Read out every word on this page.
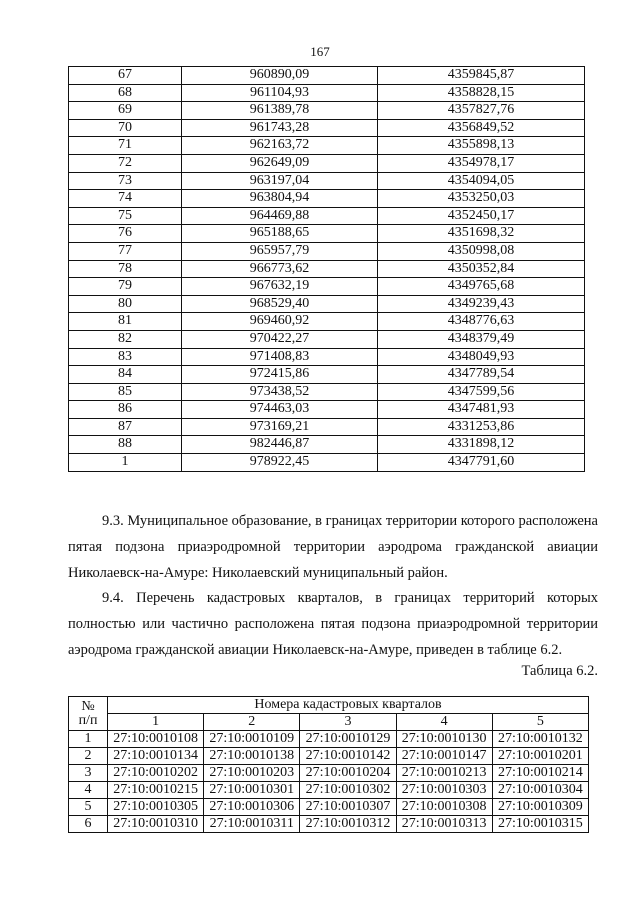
167
67	960890,09	4359845,87
68	961104,93	4358828,15
69	961389,78	4357827,76
70	961743,28	4356849,52
71	962163,72	4355898,13
72	962649,09	4354978,17
73	963197,04	4354094,05
74	963804,94	4353250,03
75	964469,88	4352450,17
76	965188,65	4351698,32
77	965957,79	4350998,08
78	966773,62	4350352,84
79	967632,19	4349765,68
80	968529,40	4349239,43
81	969460,92	4348776,63
82	970422,27	4348379,49
83	971408,83	4348049,93
84	972415,86	4347789,54
85	973438,52	4347599,56
86	974463,03	4347481,93
87	973169,21	4331253,86
88	982446,87	4331898,12
1	978922,45	4347791,60
9.3. Муниципальное образование, в границах территории которого расположена пятая подзона приаэродромной территории аэродрома гражданской авиации Николаевск-на-Амуре: Николаевский муниципальный район.
9.4. Перечень кадастровых кварталов, в границах территорий которых полностью или частично расположена пятая подзона приаэродромной территории аэродрома гражданской авиации Николаевск-на-Амуре, приведен в таблице 6.2.
Таблица 6.2.
№
п/п	Номера кадастровых кварталов				
	1	2	3	4	5
1	27:10:0010108	27:10:0010109	27:10:0010129	27:10:0010130	27:10:0010132
2	27:10:0010134	27:10:0010138	27:10:0010142	27:10:0010147	27:10:0010201
3	27:10:0010202	27:10:0010203	27:10:0010204	27:10:0010213	27:10:0010214
4	27:10:0010215	27:10:0010301	27:10:0010302	27:10:0010303	27:10:0010304
5	27:10:0010305	27:10:0010306	27:10:0010307	27:10:0010308	27:10:0010309
6	27:10:0010310	27:10:0010311	27:10:0010312	27:10:0010313	27:10:0010315
